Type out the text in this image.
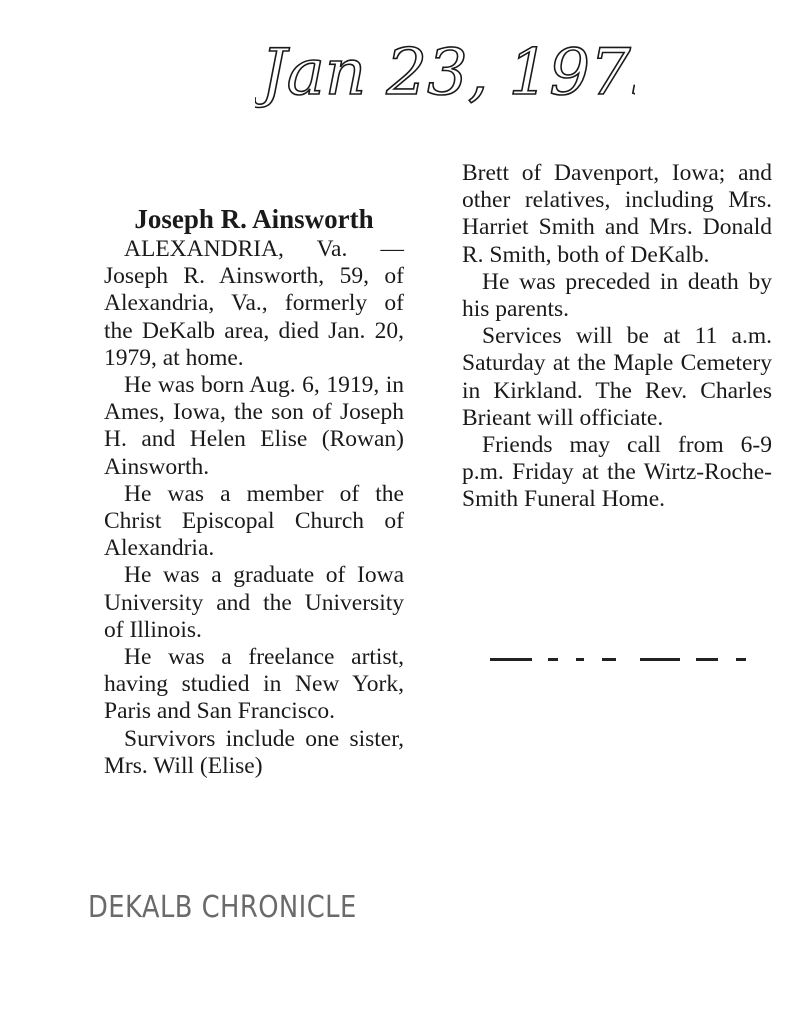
Jan 23, 1979
Joseph R. Ainsworth

ALEXANDRIA, Va. — Joseph R. Ainsworth, 59, of Alexandria, Va., formerly of the DeKalb area, died Jan. 20, 1979, at home.

He was born Aug. 6, 1919, in Ames, Iowa, the son of Joseph H. and Helen Elise (Rowan) Ainsworth.

He was a member of the Christ Episcopal Church of Alexandria.

He was a graduate of Iowa University and the University of Illinois.

He was a freelance artist, having studied in New York, Paris and San Francisco.

Survivors include one sister, Mrs. Will (Elise)

Brett of Davenport, Iowa; and other relatives, including Mrs. Harriet Smith and Mrs. Donald R. Smith, both of DeKalb.

He was preceded in death by his parents.

Services will be at 11 a.m. Saturday at the Maple Cemetery in Kirkland. The Rev. Charles Brieant will officiate.

Friends may call from 6-9 p.m. Friday at the Wirtz-Roche-Smith Funeral Home.

DEKALB CHRONICLE
